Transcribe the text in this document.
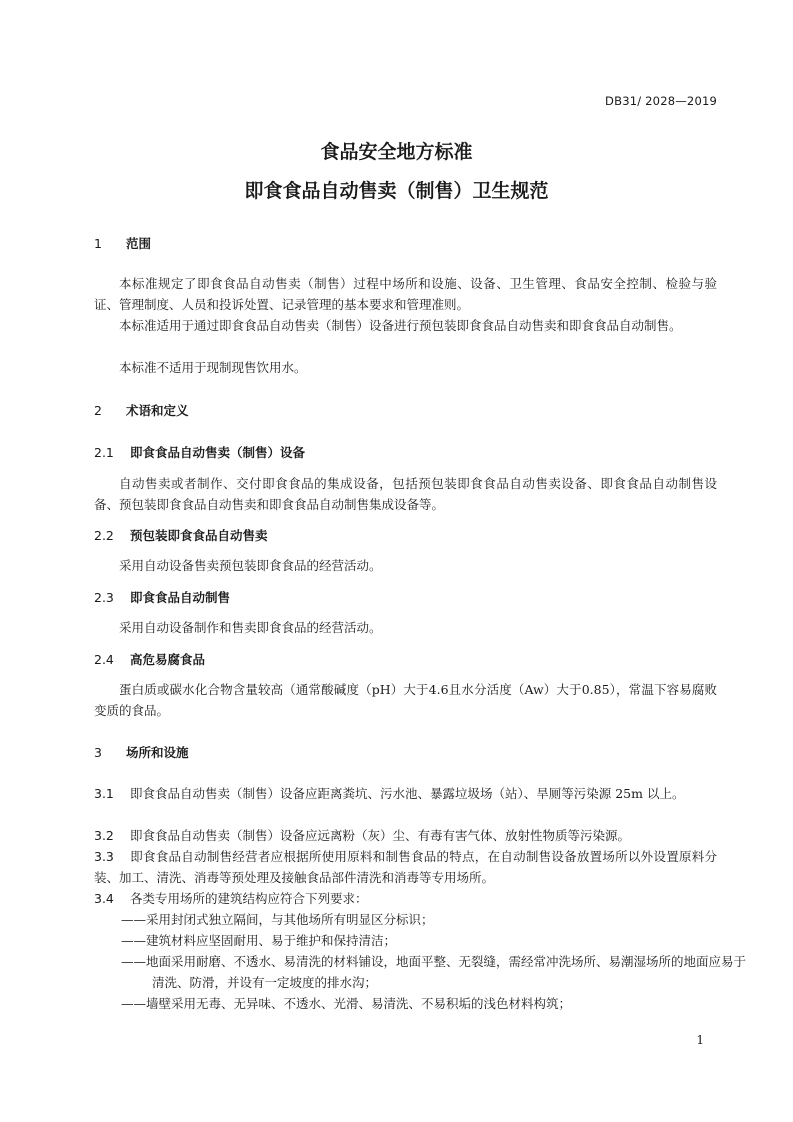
DB31/ 2028—2019
食品安全地方标准
即食食品自动售卖（制售）卫生规范
1 范围
本标准规定了即食食品自动售卖（制售）过程中场所和设施、设备、卫生管理、食品安全控制、检验与验证、管理制度、人员和投诉处置、记录管理的基本要求和管理准则。
本标准适用于通过即食食品自动售卖（制售）设备进行预包装即食食品自动售卖和即食食品自动制售。
本标准不适用于现制现售饮用水。
2 术语和定义
2.1 即食食品自动售卖（制售）设备
自动售卖或者制作、交付即食食品的集成设备，包括预包装即食食品自动售卖设备、即食食品自动制售设备、预包装即食食品自动售卖和即食食品自动制售集成设备等。
2.2 预包装即食食品自动售卖
采用自动设备售卖预包装即食食品的经营活动。
2.3 即食食品自动制售
采用自动设备制作和售卖即食食品的经营活动。
2.4 高危易腐食品
蛋白质或碳水化合物含量较高（通常酸碱度（pH）大于4.6且水分活度（Aw）大于0.85），常温下容易腐败变质的食品。
3 场所和设施
3.1 即食食品自动售卖（制售）设备应距离粪坑、污水池、暴露垃圾场（站）、旱厕等污染源 25m 以上。
3.2 即食食品自动售卖（制售）设备应远离粉（灰）尘、有毒有害气体、放射性物质等污染源。
3.3 即食食品自动制售经营者应根据所使用原料和制售食品的特点，在自动制售设备放置场所以外设置原料分装、加工、清洗、消毒等预处理及接触食品部件清洗和消毒等专用场所。
3.4 各类专用场所的建筑结构应符合下列要求：
——采用封闭式独立隔间，与其他场所有明显区分标识；
——建筑材料应坚固耐用、易于维护和保持清洁；
——地面采用耐磨、不透水、易清洗的材料铺设，地面平整、无裂缝，需经常冲洗场所、易潮湿场所的地面应易于清洗、防滑，并设有一定坡度的排水沟；
——墙壁采用无毒、无异味、不透水、光滑、易清洗、不易积垢的浅色材料构筑；
1
